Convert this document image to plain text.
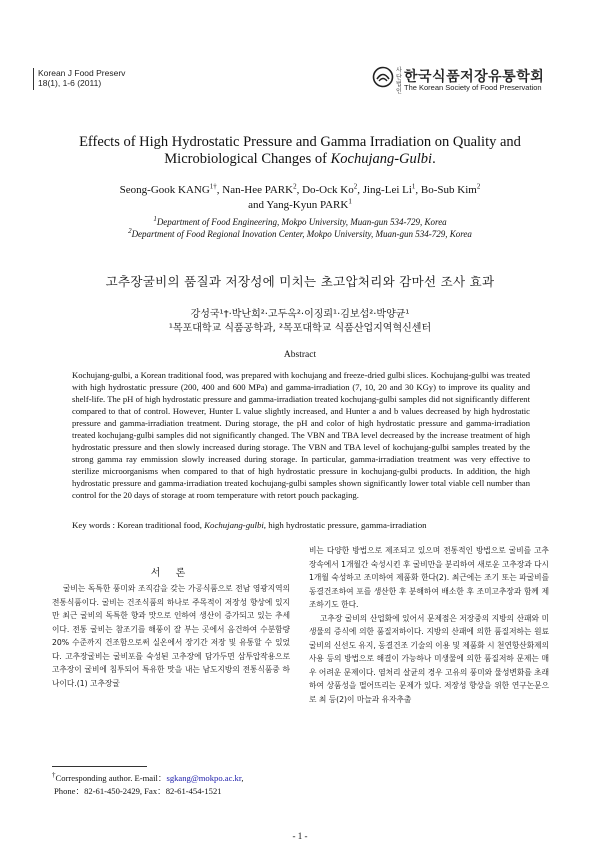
Korean J Food Preserv
18(1), 1-6 (2011)
사단법인
한국식품저장유통학회
The Korean Society of Food Preservation
Effects of High Hydrostatic Pressure and Gamma Irradiation on Quality and
Microbiological Changes of Kochujang-Gulbi.
Seong-Gook $KANG^{1\dagger}$, Nan-Hee PARK$^2$, Do-Ock Ko$^2$, Jing-Lei Li$^1$, Bo-Sub Kim$^2$
and Yang-Kyun PARK$^1$
$^1$Department of Food Engineering, Mokpo University, Muan-gun 534-729, Korea
$^2$Department of Food Regional Inovation Center, Mokpo University, Muan-gun 534-729, Korea
고추장굴비의 품질과 저장성에 미치는 초고압처리와 감마선 조사 효과
강성국¹†·박난희²·고두옥²·이징뢰¹·김보섭²·박양균¹
¹목포대학교 식품공학과, ²목포대학교 식품산업지역혁신센터
Abstract
Kochujang-gulbi, a Korean traditional food, was prepared with kochujang and freeze-dried gulbi slices. Kochujang-gulbi was treated with high hydrostatic pressure (200, 400 and 600 MPa) and gamma-irradiation (7, 10, 20 and 30 KGy) to improve its quality and shelf-life. The pH of high hydrostatic pressure and gamma-irradiation treated kochujang-gulbi samples did not significantly different compared to that of control. However, Hunter L value slightly increased, and Hunter a and b values decreased by high hydrostatic pressure and gamma-irradiation treatment. During storage, the pH and color of high hydrostatic pressure and gamma-irradiation treated kochujang-gulbi samples did not significantly changed. The VBN and TBA level decreased by the increase treatment of high hydrostatic pressure and then slowly increased during storage. The VBN and TBA level of kochujang-gulbi samples treated by the strong gamma ray emmission slowly increased during storage. In particular, gamma-irradiation treatment was very effective to sterilize microorganisms when compared to that of high hydrostatic pressure in kochujang-gulbi products. In addition, the high hydrostatic pressure and gamma-irradiation treated kochujang-gulbi samples shown significantly lower total viable cell number than control for the 20 days of storage at room temperature with retort pouch packaging.
Key words : Korean traditional food, Kochujang-gulbi, high hydrostatic pressure, gamma-irradiation
서 론

굴비는 독특한 풍미와 조직감을 갖는 가공식품으로 전남 영광지역의 전통식품이다. 굴비는 건조식품의 하나로 주목적이 저장성 향상에 있지만 최근 굴비의 독특한 향과 맛으로 인하여 생산이 증가되고 있는 추세이다. 전통 굴비는 참조기를 해풍이 잘 부는 곳에서 음건하여 수분함량 20% 수준까지 건조함으로써 실온에서 장기간 저장 및 유통할 수 있었다. 고추장굴비는 굴비포를 숙성된 고추장에 담가두면 삼투압작용으로 고추장이 굴비에 침투되어 특유한 맛을 내는 남도지방의 전통식품중 하나이다.(1) 고추장굴

비는 다양한 방법으로 제조되고 있으며 전통적인 방법으로 굴비를 고추장속에서 1개월간 숙성시킨 후 굴비만을 분리하여 새로운 고추장과 다시 1개월 숙성하고 조미하여 제품화 한다(2). 최근에는 조기 또는 파굴비를 동결건조하여 포를 생산한 후 분해하여 배소한 후 조미고추장과 함께 제조하기도 한다.

고추장 굴비의 산업화에 있어서 문제점은 저장중의 지방의 산패와 미생물의 증식에 의한 품질저하이다. 지방의 산패에 의한 품질저하는 원료 굴비의 신선도 유지, 동결건조 기술의 이용 및 제품화 시 천연항산화제의 사용 등의 방법으로 해결이 가능하나 미생물에 의한 품질저하 문제는 매우 어려운 문제이다. 염처리 살균의 경우 고유의 풍미와 물성변화를 초래하여 상품성을 떨어뜨리는 문제가 있다. 저장성 향상을 위한 연구논문으로 최 등(2)이 마늘과 유자추출

†Corresponding author. E-mail：sgkang@mokpo.ac.kr,
Phone：82-61-450-2429, Fax：82-61-454-1521
- 1 -
